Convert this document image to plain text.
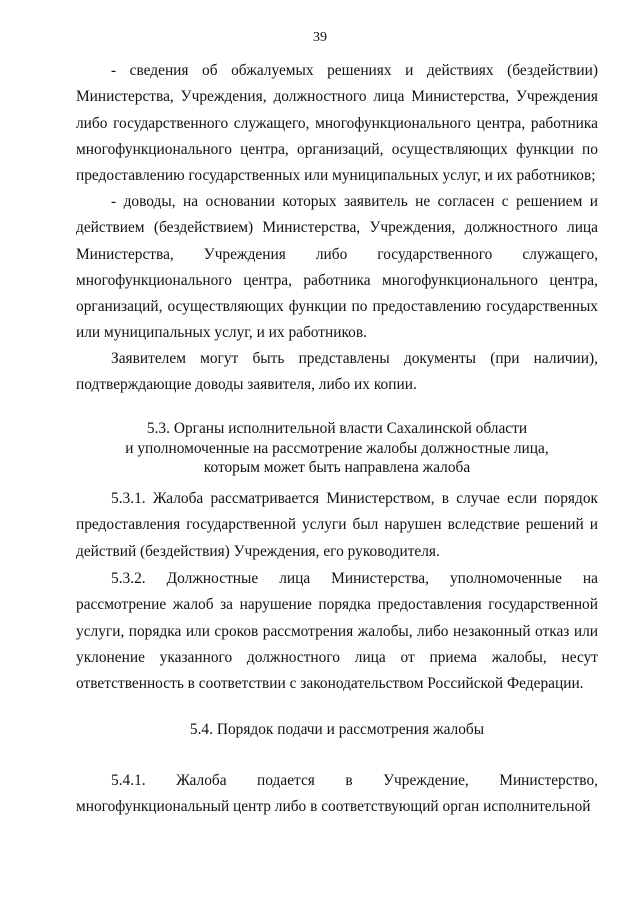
39

- сведения об обжалуемых решениях и действиях (бездействии) Министерства, Учреждения, должностного лица Министерства, Учреждения либо государственного служащего, многофункционального центра, работника многофункционального центра, организаций, осуществляющих функции по предоставлению государственных или муниципальных услуг, и их работников;

- доводы, на основании которых заявитель не согласен с решением и действием (бездействием) Министерства, Учреждения, должностного лица Министерства, Учреждения либо государственного служащего, многофункционального центра, работника многофункционального центра, организаций, осуществляющих функции по предоставлению государственных или муниципальных услуг, и их работников.

Заявителем могут быть представлены документы (при наличии), подтверждающие доводы заявителя, либо их копии.

5.3. Органы исполнительной власти Сахалинской области
и уполномоченные на рассмотрение жалобы должностные лица,
которым может быть направлена жалоба

5.3.1. Жалоба рассматривается Министерством, в случае если порядок предоставления государственной услуги был нарушен вследствие решений и действий (бездействия) Учреждения, его руководителя.

5.3.2. Должностные лица Министерства, уполномоченные на рассмотрение жалоб за нарушение порядка предоставления государственной услуги, порядка или сроков рассмотрения жалобы, либо незаконный отказ или уклонение указанного должностного лица от приема жалобы, несут ответственность в соответствии с законодательством Российской Федерации.

5.4. Порядок подачи и рассмотрения жалобы

5.4.1. Жалоба подается в Учреждение, Министерство, многофункциональный центр либо в соответствующий орган исполнительной
